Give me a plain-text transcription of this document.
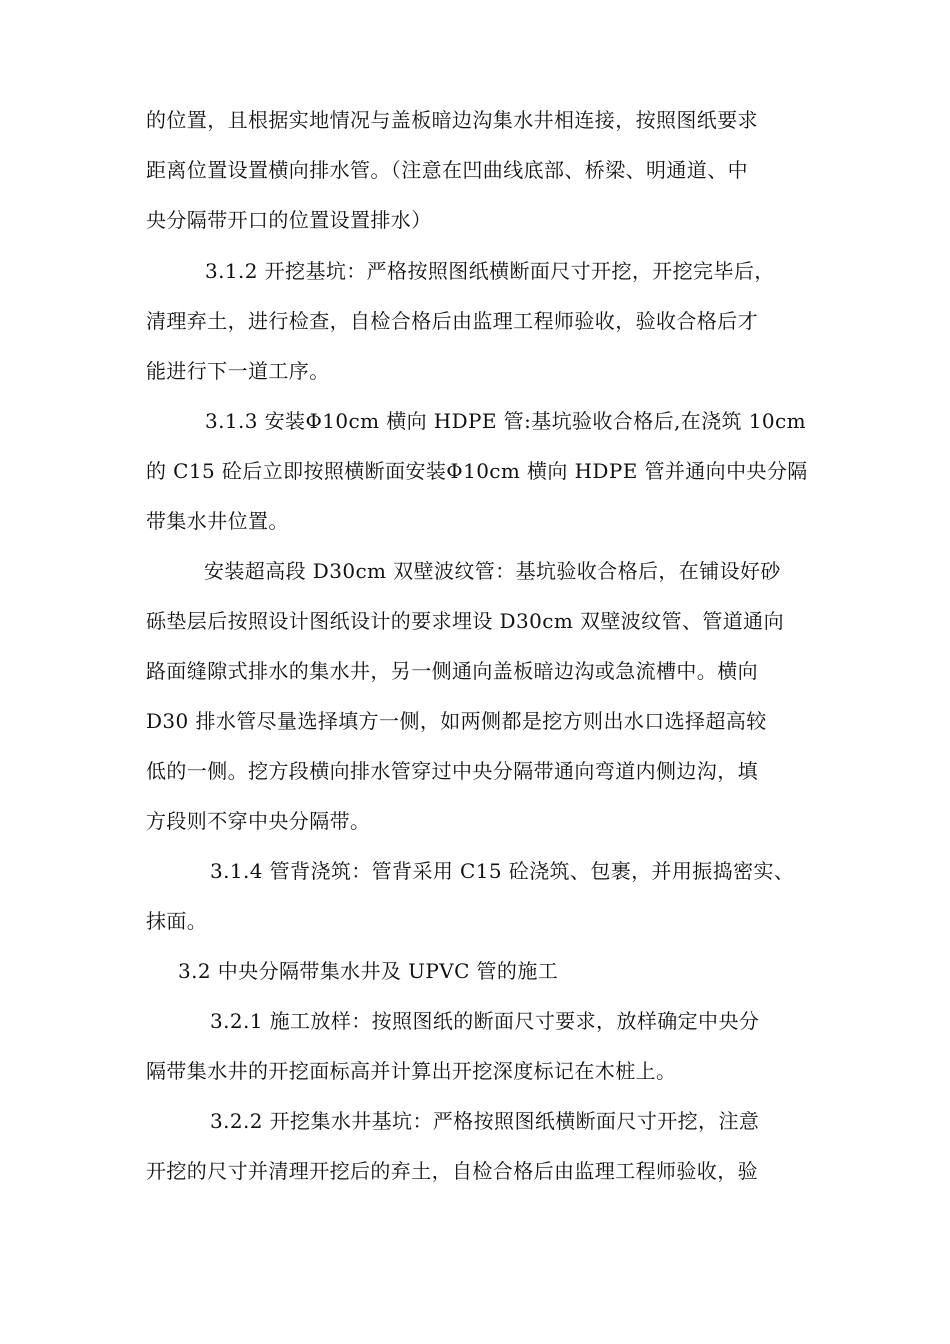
的位置，且根据实地情况与盖板暗边沟集水井相连接，按照图纸要求
距离位置设置横向排水管。（注意在凹曲线底部、桥梁、明通道、中
央分隔带开口的位置设置排水）
3.1.2 开挖基坑：严格按照图纸横断面尺寸开挖，开挖完毕后，
清理弃土，进行检查，自检合格后由监理工程师验收，验收合格后才
能进行下一道工序。
3.1.3 安装Φ10cm 横向 HDPE 管:基坑验收合格后,在浇筑 10cm
的 C15 砼后立即按照横断面安装Φ10cm 横向 HDPE 管并通向中央分隔
带集水井位置。
安装超高段 D30cm 双壁波纹管：基坑验收合格后，在铺设好砂
砾垫层后按照设计图纸设计的要求埋设 D30cm 双壁波纹管、管道通向
路面缝隙式排水的集水井，另一侧通向盖板暗边沟或急流槽中。横向
D30 排水管尽量选择填方一侧，如两侧都是挖方则出水口选择超高较
低的一侧。挖方段横向排水管穿过中央分隔带通向弯道内侧边沟，填
方段则不穿中央分隔带。
3.1.4 管背浇筑：管背采用 C15 砼浇筑、包裹，并用振捣密实、
抹面。
3.2 中央分隔带集水井及 UPVC 管的施工
3.2.1 施工放样：按照图纸的断面尺寸要求，放样确定中央分
隔带集水井的开挖面标高并计算出开挖深度标记在木桩上。
3.2.2 开挖集水井基坑：严格按照图纸横断面尺寸开挖，注意
开挖的尺寸并清理开挖后的弃土，自检合格后由监理工程师验收，验
